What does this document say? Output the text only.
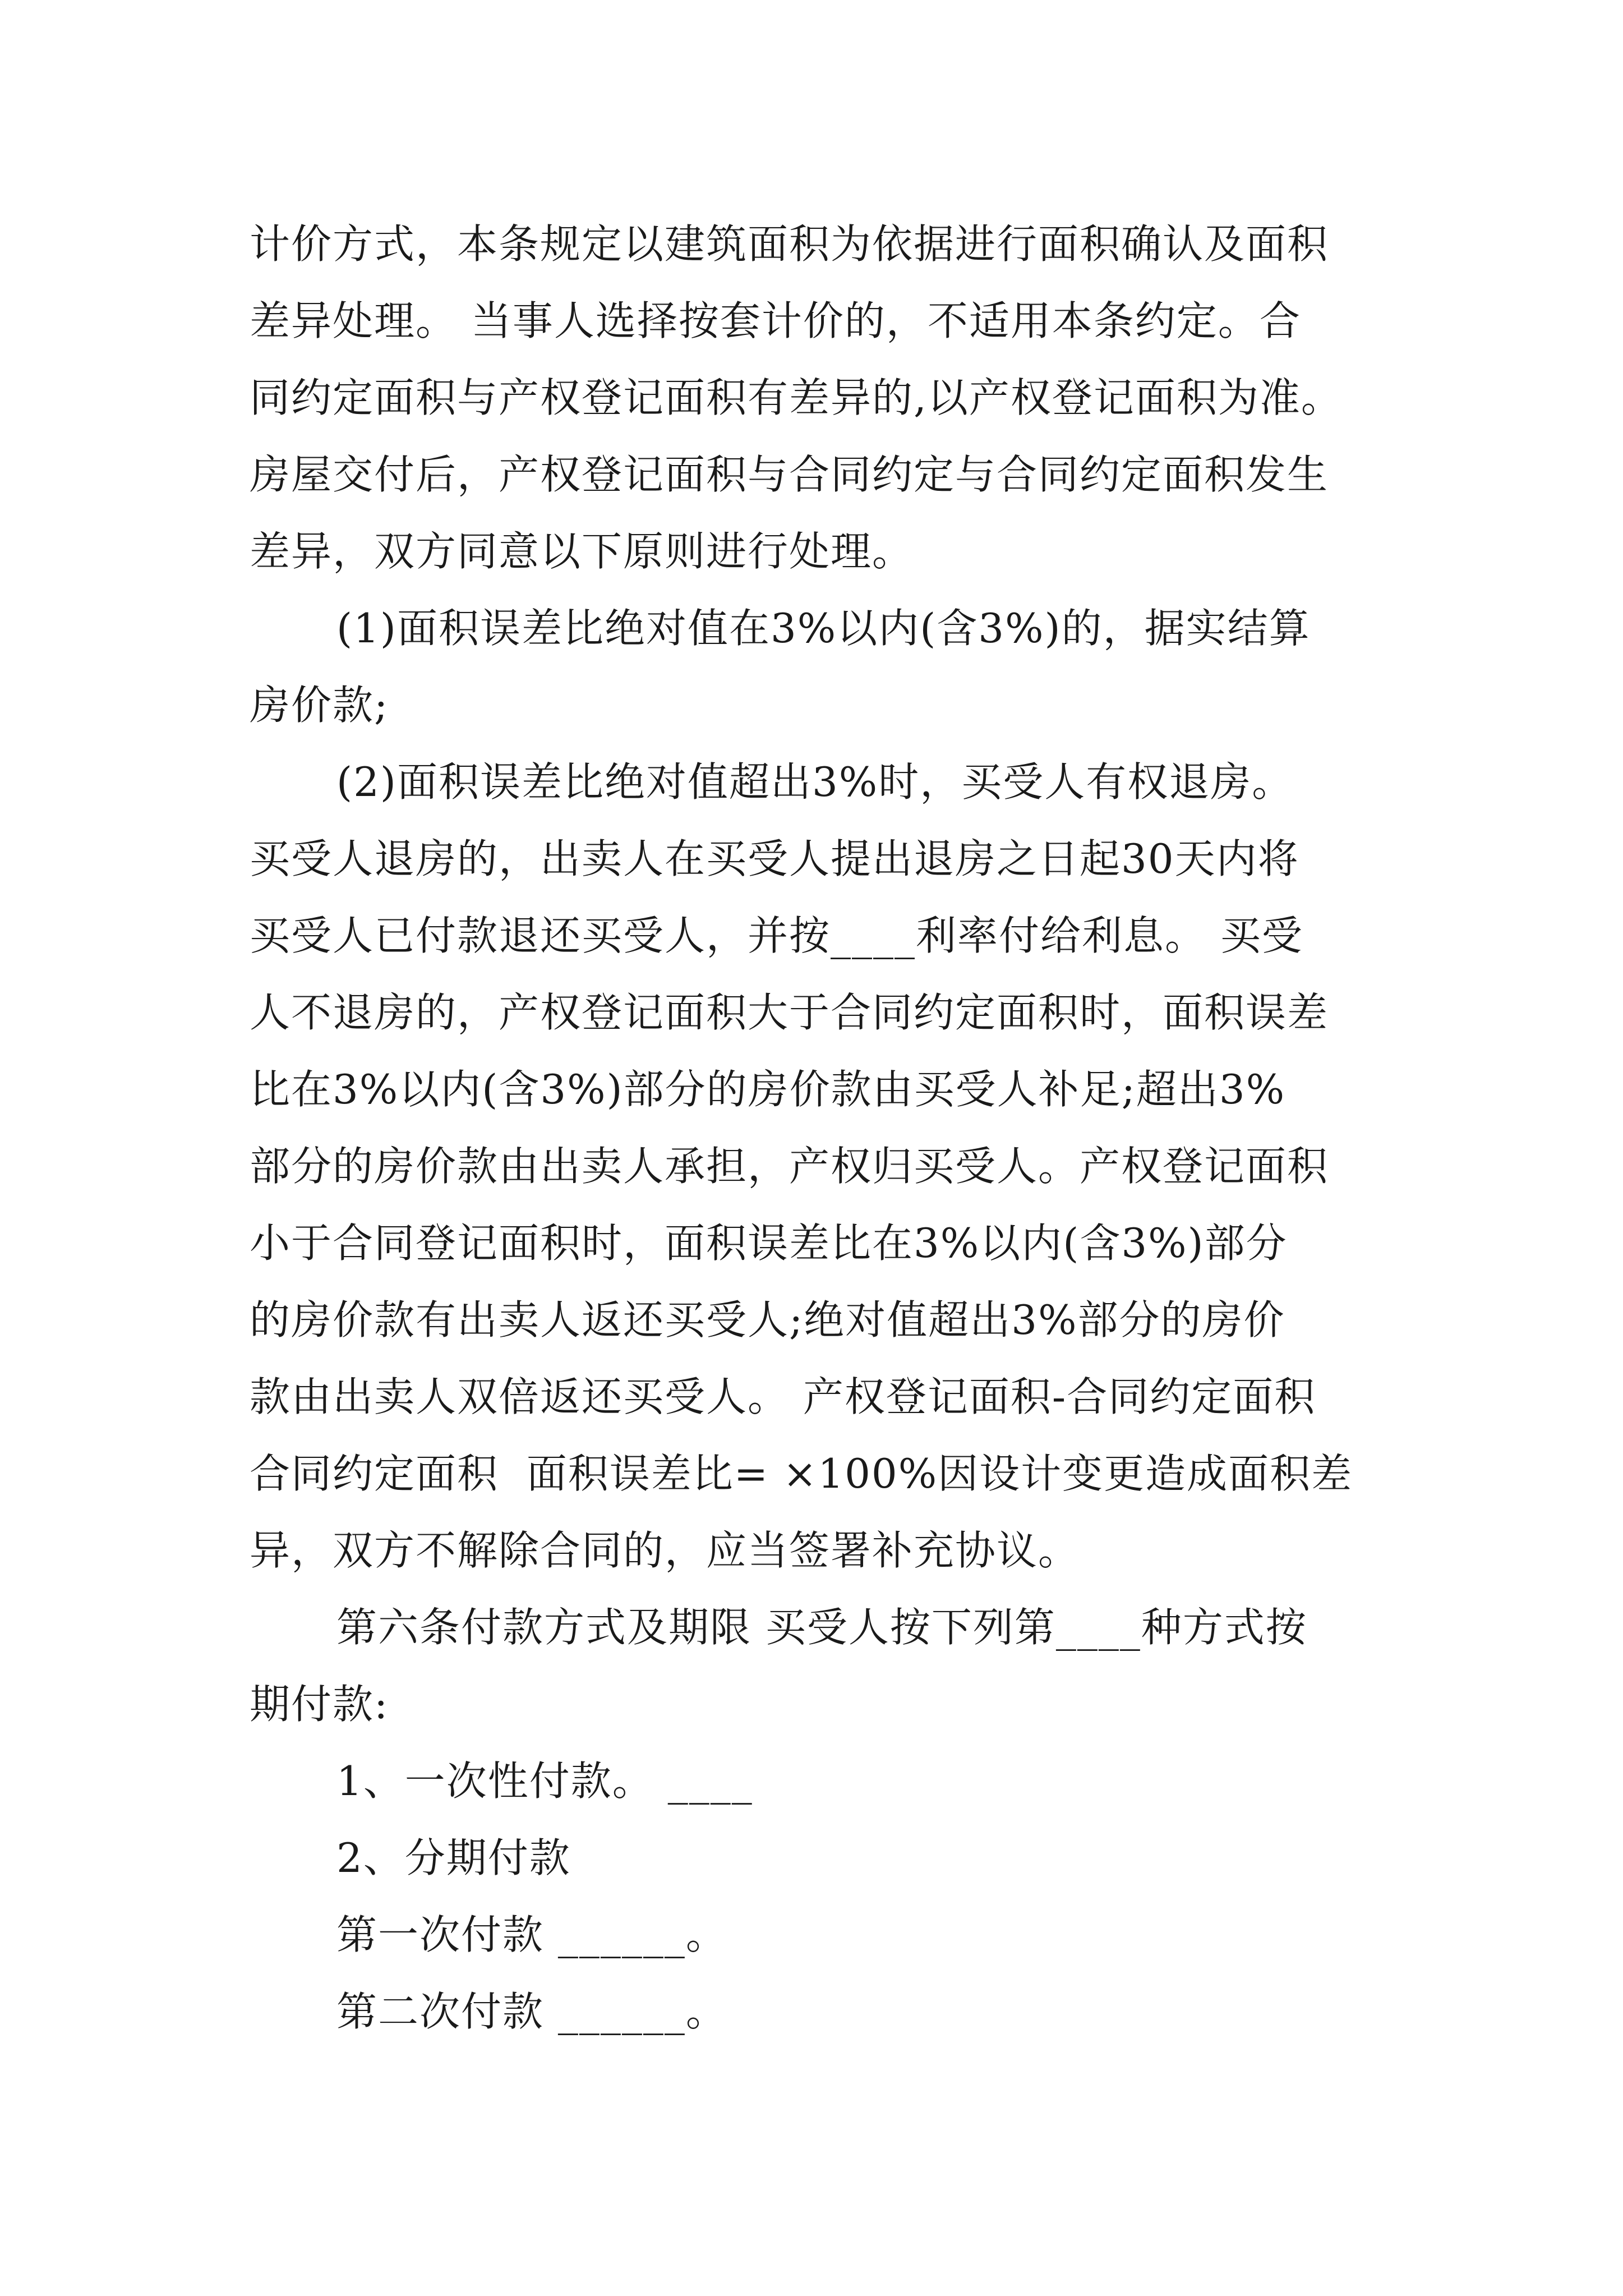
计价方式，本条规定以建筑面积为依据进行面积确认及面积
差异处理。 当事人选择按套计价的，不适用本条约定。合
同约定面积与产权登记面积有差异的,以产权登记面积为准。
房屋交付后，产权登记面积与合同约定与合同约定面积发生
差异，双方同意以下原则进行处理。
(1)面积误差比绝对值在3%以内(含3%)的，据实结算
房价款;
(2)面积误差比绝对值超出3%时，买受人有权退房。
买受人退房的，出卖人在买受人提出退房之日起30天内将
买受人已付款退还买受人，并按____利率付给利息。 买受
人不退房的，产权登记面积大于合同约定面积时，面积误差
比在3%以内(含3%)部分的房价款由买受人补足;超出3%
部分的房价款由出卖人承担，产权归买受人。产权登记面积
小于合同登记面积时，面积误差比在3%以内(含3%)部分
的房价款有出卖人返还买受人;绝对值超出3%部分的房价
款由出卖人双倍返还买受人。 产权登记面积-合同约定面积
合同约定面积  面积误差比= ×100%因设计变更造成面积差
异，双方不解除合同的，应当签署补充协议。
第六条付款方式及期限 买受人按下列第____种方式按
期付款:
1、一次性付款。 ____
2、分期付款
第一次付款 ______。
第二次付款 ______。
